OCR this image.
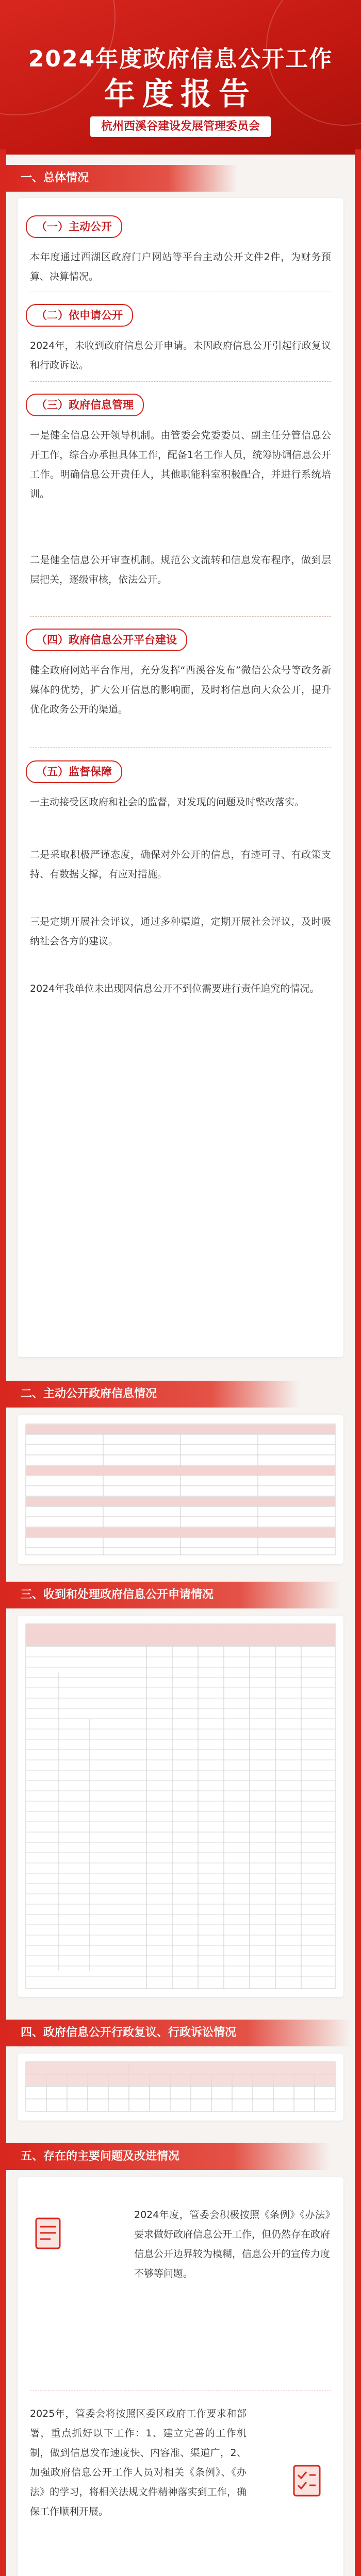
2024年度政府信息公开工作
年度报告
杭州西溪谷建设发展管理委员会
一、总体情况
（一）主动公开
本年度通过西湖区政府门户网站等平台主动公开文件2件，为财务预算、决算情况。
（二）依申请公开
2024年，未收到政府信息公开申请。未因政府信息公开引起行政复议和行政诉讼。
（三）政府信息管理
一是健全信息公开领导机制。由管委会党委委员、副主任分管信息公开工作，综合办承担具体工作，配备1名工作人员，统筹协调信息公开工作。明确信息公开责任人，其他职能科室积极配合，并进行系统培训。
二是健全信息公开审查机制。规范公文流转和信息发布程序，做到层层把关，逐级审核，依法公开。
（四）政府信息公开平台建设
健全政府网站平台作用，充分发挥“西溪谷发布”微信公众号等政务新媒体的优势，扩大公开信息的影响面，及时将信息向大众公开，提升优化政务公开的渠道。
（五）监督保障
一主动接受区政府和社会的监督，对发现的问题及时整改落实。
二是采取积极严谨态度，确保对外公开的信息，有迹可寻、有政策支持、有数据支撑，有应对措施。
三是定期开展社会评议，通过多种渠道，定期开展社会评议，及时吸纳社会各方的建议。
2024年我单位未出现因信息公开不到位需要进行责任追究的情况。
二、主动公开政府信息情况
三、收到和处理政府信息公开申请情况
四、政府信息公开行政复议、行政诉讼情况
五、存在的主要问题及改进情况
2024年度，管委会积极按照《条例》《办法》要求做好政府信息公开工作，但仍然存在政府信息公开边界较为模糊，信息公开的宣传力度不够等问题。
2025年，管委会将按照区委区政府工作要求和部署，重点抓好以下工作：1、建立完善的工作机制，做到信息发布速度快、内容准、渠道广，2、加强政府信息公开工作人员对相关《条例》、《办法》的学习，将相关法规文件精神落实到工作，确保工作顺利开展。
